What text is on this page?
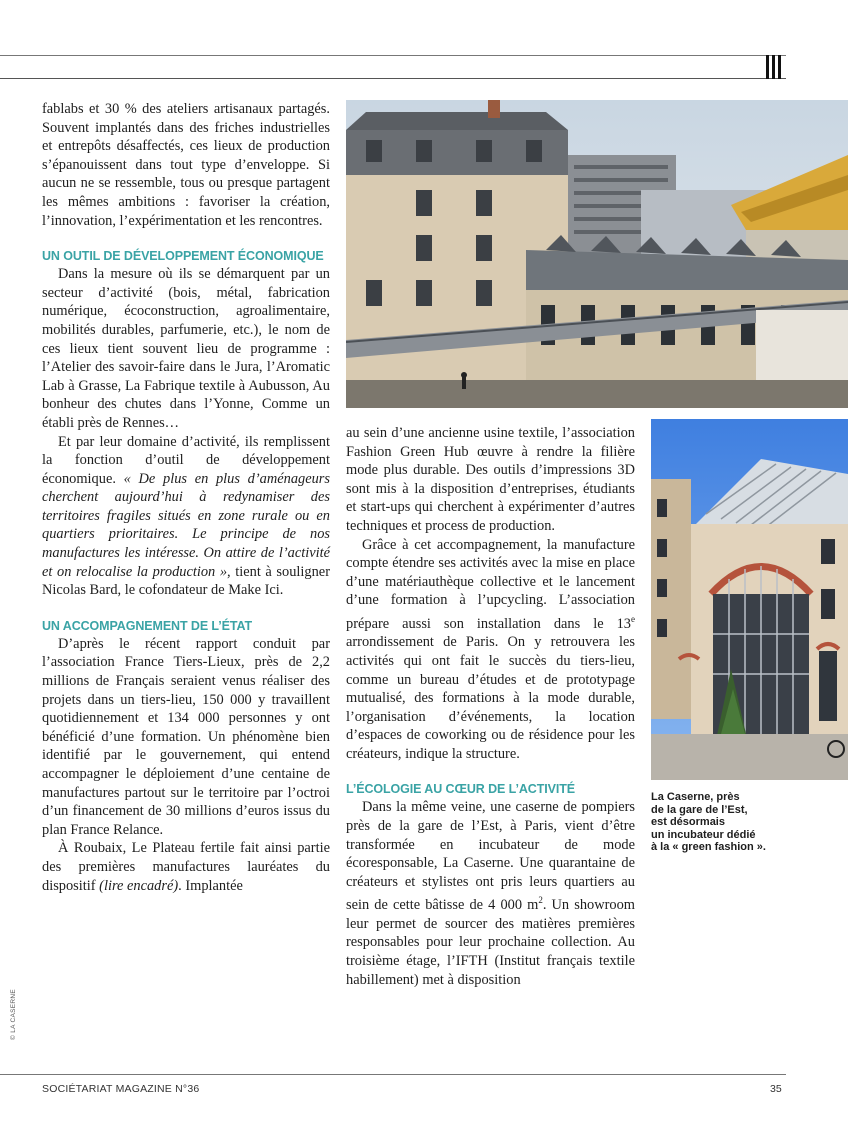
fablabs et 30 % des ateliers artisanaux partagés. Souvent implantés dans des friches industrielles et entrepôts désaffectés, ces lieux de production s’épanouissent dans tout type d’enveloppe. Si aucun ne se ressemble, tous ou presque partagent les mêmes ambitions : favoriser la création, l’innovation, l’expérimentation et les rencontres.

UN OUTIL DE DÉVELOPPEMENT ÉCONOMIQUE

Dans la mesure où ils se démarquent par un secteur d’activité (bois, métal, fabrication numérique, écoconstruction, agroalimentaire, mobilités durables, parfumerie, etc.), le nom de ces lieux tient souvent lieu de programme : l’Atelier des savoir-faire dans le Jura, l’Aromatic Lab à Grasse, La Fabrique textile à Aubusson, Au bonheur des chutes dans l’Yonne, Comme un établi près de Rennes…

Et par leur domaine d’activité, ils remplissent la fonction d’outil de développement économique. « De plus en plus d’aménageurs cherchent aujourd’hui à redynamiser des territoires fragiles situés en zone rurale ou en quartiers prioritaires. Le principe de nos manufactures les intéresse. On attire de l’activité et on relocalise la production », tient à souligner Nicolas Bard, le cofondateur de Make Ici.

UN ACCOMPAGNEMENT DE L’ÉTAT

D’après le récent rapport conduit par l’association France Tiers-Lieux, près de 2,2 millions de Français seraient venus réaliser des projets dans un tiers-lieu, 150 000 y travaillent quotidiennement et 134 000 personnes y ont bénéficié d’une formation. Un phénomène bien identifié par le gouvernement, qui entend accompagner le déploiement d’une centaine de manufactures partout sur le territoire par l’octroi d’un financement de 30 millions d’euros issus du plan France Relance.

À Roubaix, Le Plateau fertile fait ainsi partie des premières manufactures lauréates du dispositif (lire encadré). Implantée

au sein d’une ancienne usine textile, l’association Fashion Green Hub œuvre à rendre la filière mode plus durable. Des outils d’impressions 3D sont mis à la disposition d’entreprises, étudiants et start-ups qui cherchent à expérimenter d’autres techniques et process de production.

Grâce à cet accompagnement, la manufacture compte étendre ses activités avec la mise en place d’une matériauthèque collective et le lancement d’une formation à l’upcycling. L’association prépare aussi son installation dans le 13e arrondissement de Paris. On y retrouvera les activités qui ont fait le succès du tiers-lieu, comme un bureau d’études et de prototypage mutualisé, des formations à la mode durable, l’organisation d’événements, la location d’espaces de coworking ou de résidence pour les créateurs, indique la structure.

L’ÉCOLOGIE AU CŒUR DE L’ACTIVITÉ

Dans la même veine, une caserne de pompiers près de la gare de l’Est, à Paris, vient d’être transformée en incubateur de mode écoresponsable, La Caserne. Une quarantaine de créateurs et stylistes ont pris leurs quartiers au sein de cette bâtisse de 4 000 $m^2$. Un showroom leur permet de sourcer des matières premières responsables pour leur prochaine collection. Au troisième étage, l’IFTH (Institut français textile habillement) met à disposition

La Caserne, près
de la gare de l’Est,
est désormais
un incubateur dédié
à la « green fashion ».
© LA CASERNE
SOCIÉTARIAT MAGAZINE N°36	35
